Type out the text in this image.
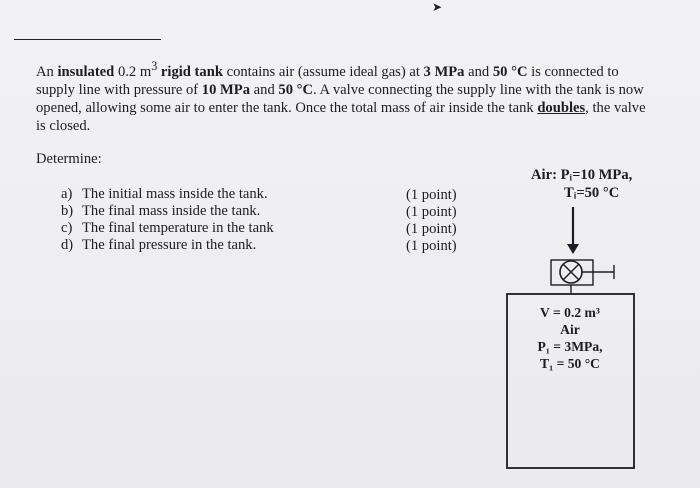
➤
An insulated 0.2 $m^3$ rigid tank contains air (assume ideal gas) at 3 MPa and 50 °C is connected to supply line with pressure of 10 MPa and 50 °C. A valve connecting the supply line with the tank is now opened, allowing some air to enter the tank. Once the total mass of air inside the tank doubles, the valve is closed.
Determine:
a) The initial mass inside the tank.
b) The final mass inside the tank.
c) The final temperature in the tank
d) The final pressure in the tank.
(1 point)
(1 point)
(1 point)
(1 point)
Air: Pᵢ=10 MPa,
Tᵢ=50 °C
V = 0.2 m³
Air
P₁ = 3MPa,
T₁ = 50 °C
